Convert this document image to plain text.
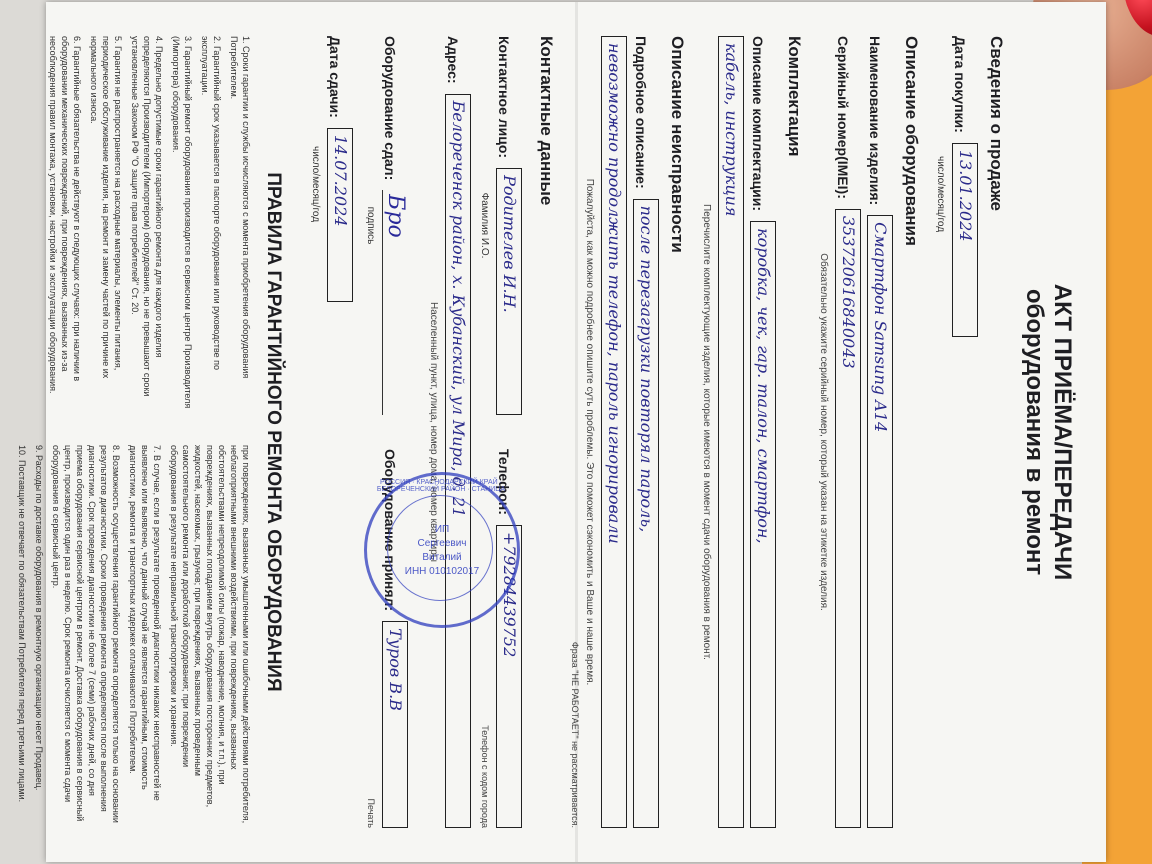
АКТ ПРИЁМА/ПЕРЕДАЧИ
оборудования в ремонт
Сведения о продаже
Дата покупки:
13.01.2024
число/месяц/год
Описание оборудования
Наименование изделия:
Смартфон Samsung A14
Серийный номер(IMEI):
353720616840043
Обязательно укажите серийный номер, который указан на этикетке изделия.
Комплектация
Описание комплектации:
коробка, чек, гар. талон, смартфон,
кабель, инструкция
Перечислите комплектующие изделия, которые имеются в момент сдачи оборудования в ремонт.
Описание неисправности
Подробное описание:
после перезагрузки повторял пароль,
невозможно продолжить телефон, пароль игнорировали
Пожалуйста, как можно подробнее опишите суть проблемы. Это поможет сэкономить и Ваше и наше время.
Фраза "НЕ РАБОТАЕТ" не рассматривается.
Контактные данные
Контактное лицо:
Родителев И.Н.
Фамилия И.О.
Телефон:
+79284439752
Телефон с кодом города
Адрес:
Белореченск район, х. Кубанский, ул Мира, д. 21
Населенный пункт, улица, номер дома, номер квартиры
Оборудование сдал:
Бро
подпись
Дата сдачи:
14.07.2024
число/месяц/год
Оборудование принял:
Туров В.В
Печать
ПРАВИЛА ГАРАНТИЙНОГО РЕМОНТА ОБОРУДОВАНИЯ

1. Сроки гарантии и службы исчисляются с момента приобретения оборудования Потребителем.

2. Гарантийный срок указывается в паспорте оборудования или руководстве по эксплуатации.

3. Гарантийный ремонт оборудования производится в сервисном центре Производителя (Импортера) оборудования.

4. Предельно допустимые сроки гарантийного ремонта для каждого изделия определяются Производителем (Импортером) оборудования, но не превышают сроки установленные Законом РФ "О защите прав потребителей" Ст. 20.

5. Гарантия не распространяется на расходные материалы, элементы питания, периодическое обслуживание изделия, на ремонт и замену частей по причине их нормального износа.

6. Гарантийные обязательства не действуют в следующих случаях: при наличии в оборудовании механических повреждений, при повреждениях, вызванных из-за несоблюдения правил монтажа, установки, настройки и эксплуатации оборудования.

при повреждениях, вызванных умышленными или ошибочными действиями потребителя, неблагоприятными внешними воздействиями, при повреждениях, вызванных обстоятельствами непреодолимой силы (пожар, наводнение, молния, и т.п.), при повреждениях, вызванных попаданием внутрь оборудования посторонних предметов, жидкостей, насекомых, грызунов; при повреждениях, вызванных проведенным самостоятельного ремонта или доработкой оборудования; при повреждении оборудования в результате неправильной транспортировки и хранения.

7. В случае, если в результате проведенной диагностики никаких неисправностей не выявлено или выявлено, что данный случай не является гарантийным, стоимость диагностики, ремонта и транспортных издержек оплачиваются Потребителем.

8. Возможность осуществления гарантийного ремонта определяется только на основании результатов диагностики. Сроки проведения ремонта определяются после выполнения диагностики. Срок проведения диагностики не более 7 (семи) рабочих дней, со дня приема оборудования сервисной центром в ремонт. Доставка оборудования в сервисный центр, производится один раз в неделю. Срок ремонта исчисляется с момента сдачи оборудования в сервисный центр.

9. Расходы по доставке оборудования в ремонтную организацию несет Продавец.

10. Поставщик не отвечает по обязательствам Потребителя перед третьими лицами.	РОССИЯ · КРАСНОДАРСКИЙ КРАЙ · БЕЛОРЕЧЕНСКИЙ РАЙОН · СТАНИЦА
ИП
Сергеевич
Виталий
ИНН 010102017
